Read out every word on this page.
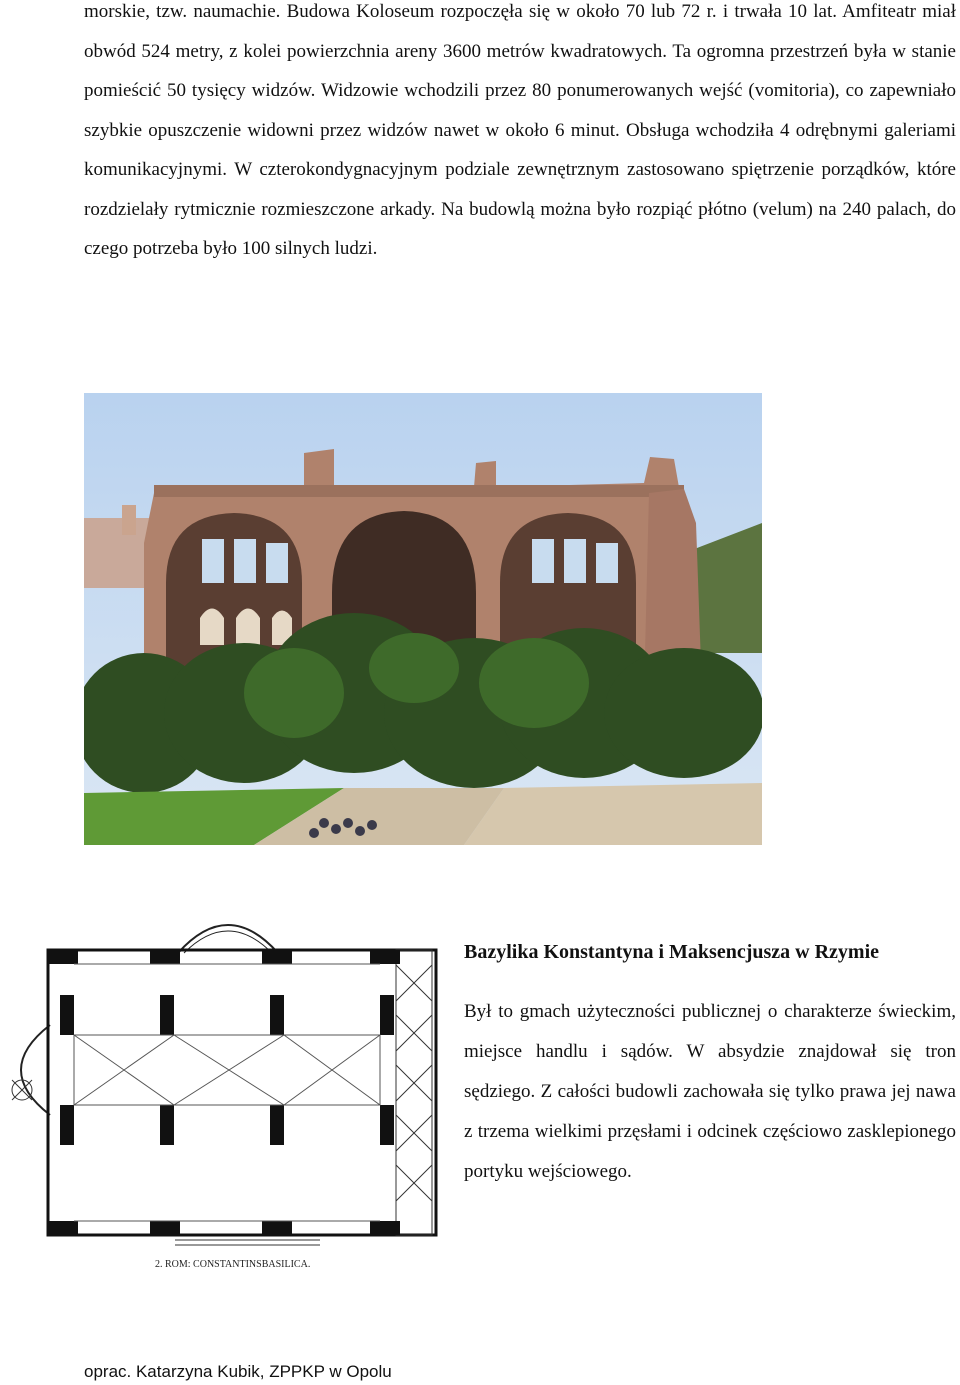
morskie, tzw. naumachie. Budowa Koloseum rozpoczęła się w około 70 lub 72 r. i trwała 10 lat. Amfiteatr miał obwód 524 metry, z kolei powierzchnia areny 3600 metrów kwadratowych. Ta ogromna przestrzeń była w stanie pomieścić 50 tysięcy widzów. Widzowie wchodzili przez 80 ponumerowanych wejść (vomitoria), co zapewniało szybkie opuszczenie widowni przez widzów nawet w około 6 minut. Obsługa wchodziła 4 odrębnymi galeriami komunikacyjnymi. W czterokondygnacyjnym podziale zewnętrznym zastosowano spiętrzenie porządków, które rozdzielały rytmicznie rozmieszczone arkady. Na budowlą można było rozpiąć płótno (velum) na 240 palach, do czego potrzeba było 100 silnych ludzi.

2. ROM: CONSTANTINSBASILICA.
Bazylika Konstantyna i Maksencjusza w Rzymie

Był to gmach użyteczności publicznej o charakterze świeckim, miejsce handlu i sądów. W absydzie znajdował się tron sędziego. Z całości budowli zachowała się tylko prawa jej nawa z trzema wielkimi przęsłami i odcinek częściowo zasklepionego portyku wejściowego.

oprac. Katarzyna Kubik, ZPPKP w Opolu
